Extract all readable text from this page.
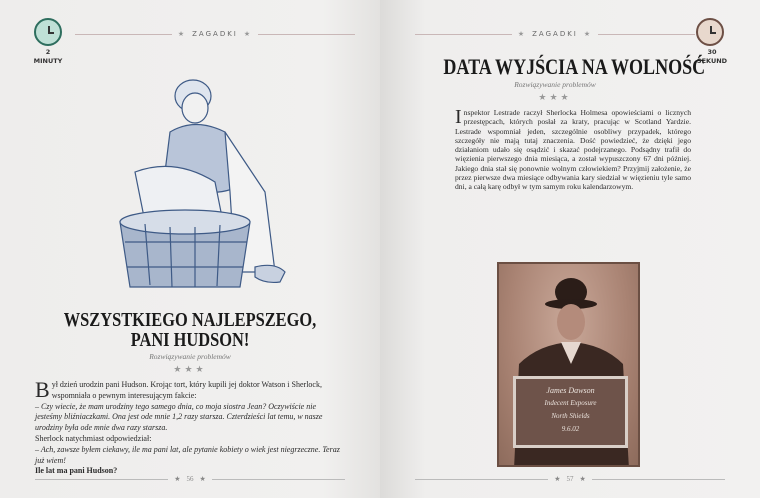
2
MINUTY
★ ZAGADKI ★
WSZYSTKIEGO NAJLEPSZEGO,
PANI HUDSON!
Rozwiązywanie problemów
★★★
B ył dzień urodzin pani Hudson. Krojąc tort, który kupili jej doktor Watson i Sherlock, wspomniała o pewnym interesującym fakcie:

– Czy wiecie, że mam urodziny tego samego dnia, co moja siostra Jean? Oczywiście nie jesteśmy bliźniaczkami. Ona jest ode mnie 1,2 razy starsza. Czterdzieści lat temu, w nasze urodziny była ode mnie dwa razy starsza.

Sherlock natychmiast odpowiedział:

– Ach, zawsze byłem ciekawy, ile ma pani lat, ale pytanie kobiety o wiek jest niegrzeczne. Teraz już wiem!

Ile lat ma pani Hudson?

★ 56 ★
★ ZAGADKI ★
30
SEKUND
DATA WYJŚCIA NA WOLNOŚĆ
Rozwiązywanie problemów
★★★
I nspektor Lestrade raczył Sherlocka Holmesa opowieściami o licznych przestępcach, których posłał za kraty, pracując w Scotland Yardzie. Lestrade wspomniał jeden, szczególnie osobliwy przypadek, którego szczegóły nie mają tutaj znaczenia. Dość powiedzieć, że dzięki jego działaniom udało się osądzić i skazać podejrzanego. Podsądny trafił do więzienia pierwszego dnia miesiąca, a został wypuszczony 67 dni później. Jakiego dnia stał się ponownie wolnym człowiekiem? Przyjmij założenie, że przez pierwsze dwa miesiące odbywania kary siedział w więzieniu tyle samo dni, a całą karę odbył w tym samym roku kalendarzowym.

James Dawson
Indecent Exposure
North Shields
9.6.02
★ 57 ★
